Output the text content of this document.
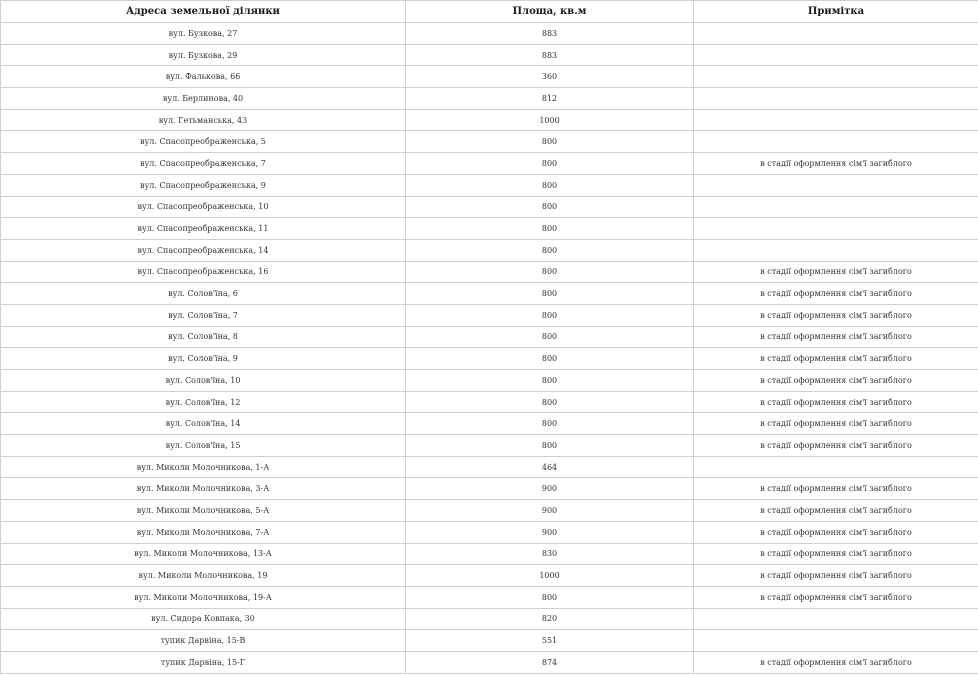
Адреса земельної ділянки	Площа, кв.м	Примітка
вул. Бузкова, 27	883	
вул. Бузкова, 29	883	
вул. Фалькова, 66	360	
вул. Берлинова, 40	812	
вул. Гетьманська, 43	1000	
вул. Спасопреображенська, 5	800	
вул. Спасопреображенська, 7	800	в стадії оформлення сім'ї загиблого
вул. Спасопреображенська, 9	800	
вул. Спасопреображенська, 10	800	
вул. Спасопреображенська, 11	800	
вул. Спасопреображенська, 14	800	
вул. Спасопреображенська, 16	800	в стадії оформлення сім'ї загиблого
вул. Солов'їна, 6	800	в стадії оформлення сім'ї загиблого
вул. Солов'їна, 7	800	в стадії оформлення сім'ї загиблого
вул. Солов'їна, 8	800	в стадії оформлення сім'ї загиблого
вул. Солов'їна, 9	800	в стадії оформлення сім'ї загиблого
вул. Солов'їна, 10	800	в стадії оформлення сім'ї загиблого
вул. Солов'їна, 12	800	в стадії оформлення сім'ї загиблого
вул. Солов'їна, 14	800	в стадії оформлення сім'ї загиблого
вул. Солов'їна, 15	800	в стадії оформлення сім'ї загиблого
вул. Миколи Молочникова, 1-А	464	
вул. Миколи Молочникова, 3-А	900	в стадії оформлення сім'ї загиблого
вул. Миколи Молочникова, 5-А	900	в стадії оформлення сім'ї загиблого
вул. Миколи Молочникова, 7-А	900	в стадії оформлення сім'ї загиблого
вул. Миколи Молочникова, 13-А	830	в стадії оформлення сім'ї загиблого
вул. Миколи Молочникова, 19	1000	в стадії оформлення сім'ї загиблого
вул. Миколи Молочникова, 19-А	800	в стадії оформлення сім'ї загиблого
вул. Сидора Ковпака, 30	820	
тупик Дарвіна, 15-В	551	
тупик Дарвіна, 15-Г	874	в стадії оформлення сім'ї загиблого
